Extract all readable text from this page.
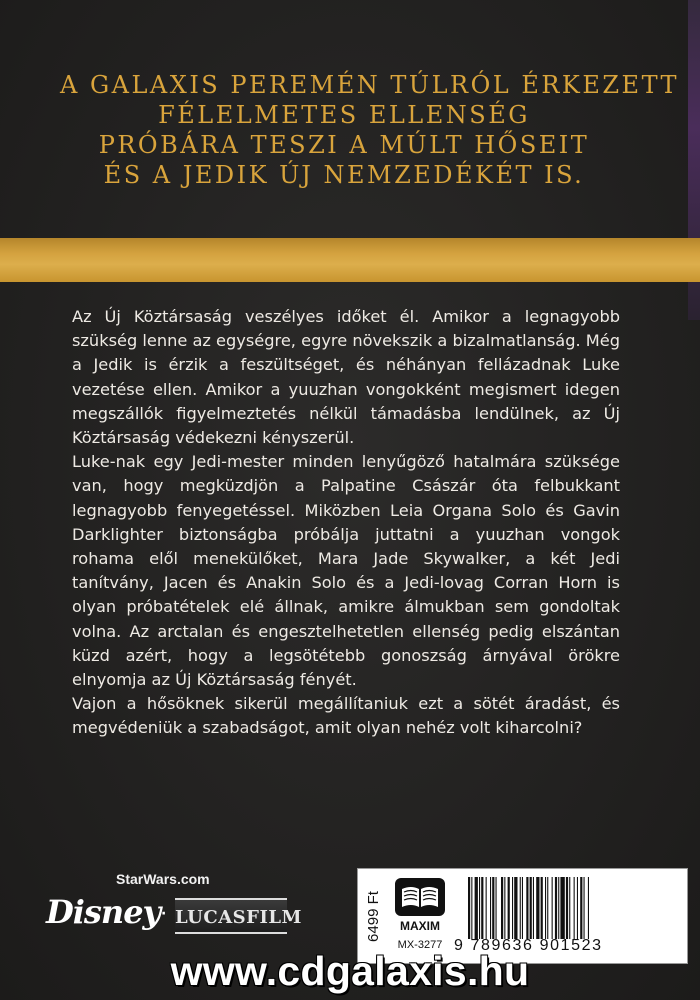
A GALAXIS PEREMÉN TÚLRÓL ÉRKEZETT
FÉLELMETES ELLENSÉG
PRÓBÁRA TESZI A MÚLT HŐSEIT
ÉS A JEDIK ÚJ NEMZEDÉKÉT IS.

Az Új Köztársaság veszélyes időket él. Amikor a legnagyobb szükség lenne az egységre, egyre növekszik a bizalmatlanság. Még a Jedik is érzik a feszültséget, és néhányan fellázadnak Luke vezetése ellen. Amikor a yuuzhan vongokként megismert idegen megszállók figyelmeztetés nélkül támadásba lendülnek, az Új Köztársaság védekezni kényszerül.

Luke-nak egy Jedi-mester minden lenyűgöző hatalmára szüksége van, hogy megküzdjön a Palpatine Császár óta felbukkant legnagyobb fenyegetéssel. Miközben Leia Organa Solo és Gavin Darklighter biztonságba próbálja juttatni a yuuzhan vongok rohama elől menekülőket, Mara Jade Skywalker, a két Jedi tanítvány, Jacen és Anakin Solo és a Jedi-lovag Corran Horn is olyan próbatételek elé állnak, amikre álmukban sem gondoltak volna. Az arctalan és engesztelhetetlen ellenség pedig elszántan küzd azért, hogy a legsötétebb gonoszság árnyával örökre elnyomja az Új Köztársaság fényét.

Vajon a hősöknek sikerül megállítaniuk ezt a sötét áradást, és megvédeniük a szabadságot, amit olyan nehéz volt kiharcolni?

StarWars.com
Disney · LUCASFILM	6499 Ft	MAXIM
MX-3277 9 789636 901523
www.cdgalaxis.hu
